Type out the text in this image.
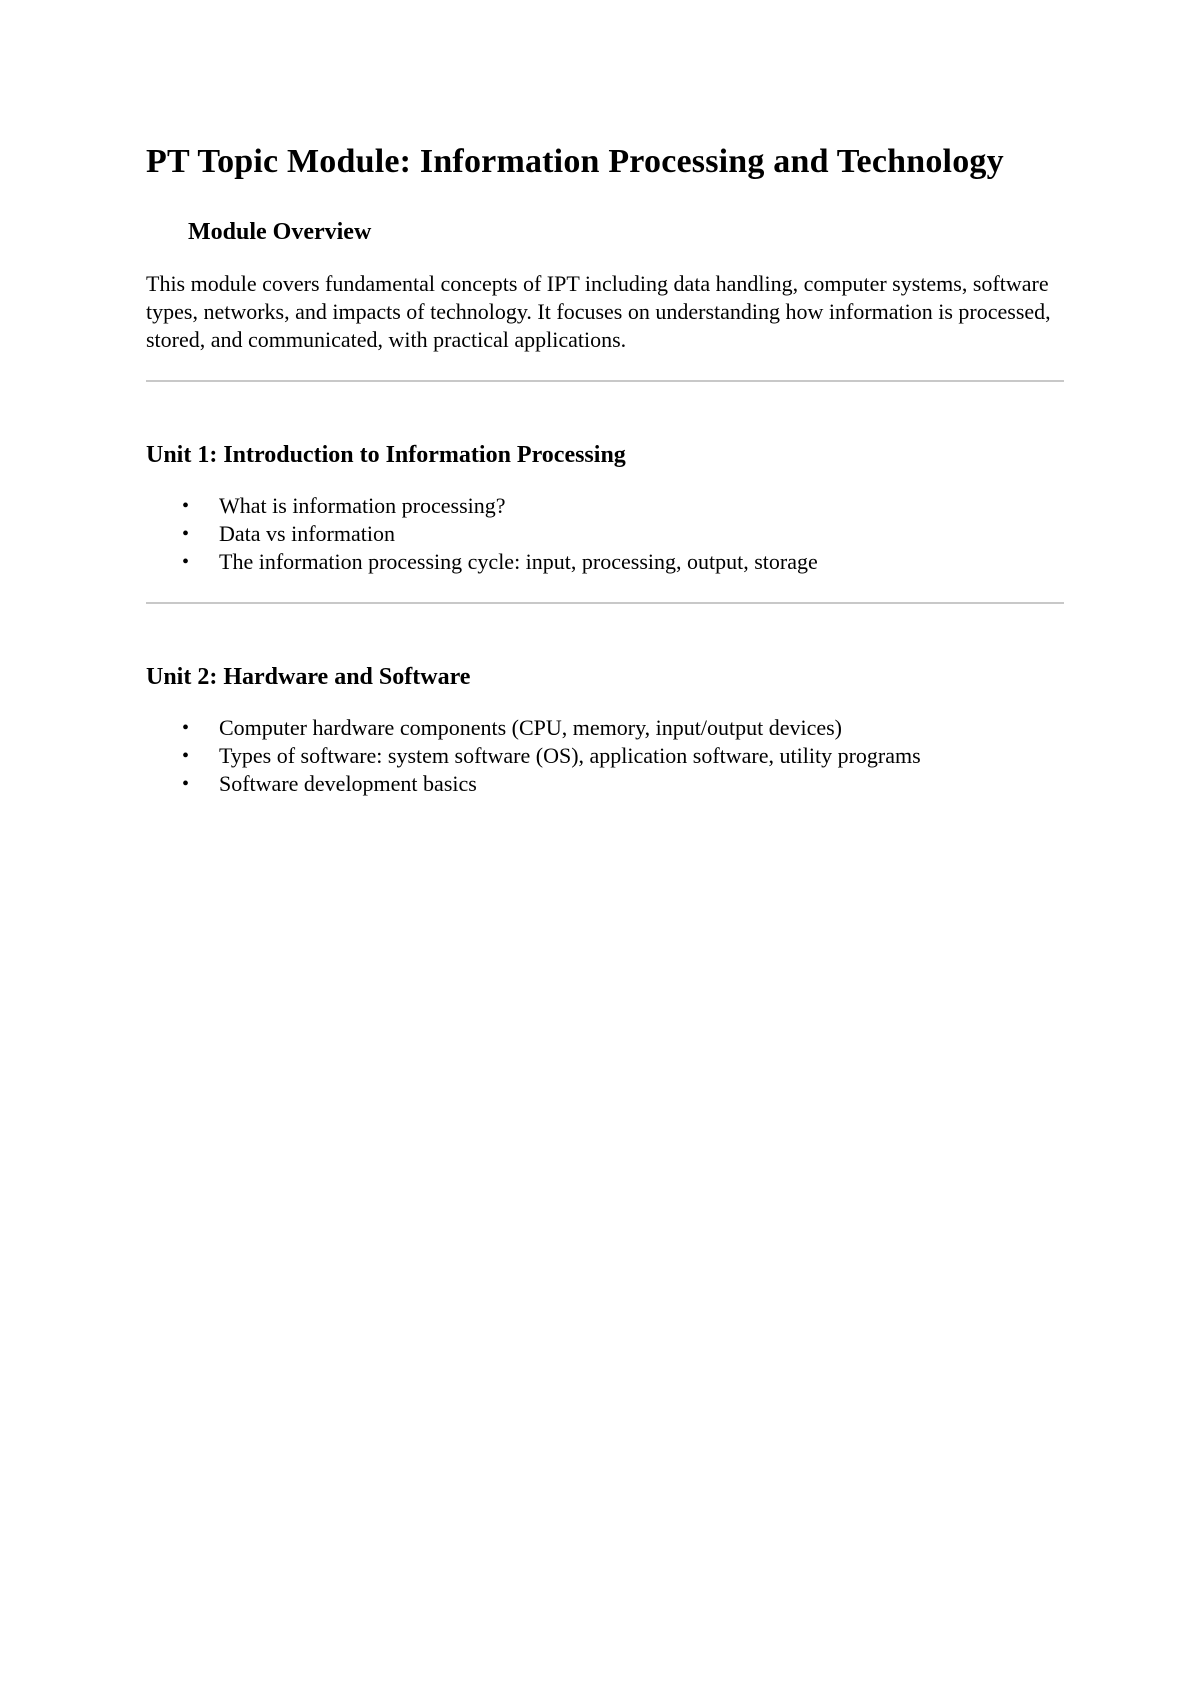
PT Topic Module: Information Processing and Technology
Module Overview

This module covers fundamental concepts of IPT including data handling, computer systems, software types, networks, and impacts of technology. It focuses on understanding how information is processed, stored, and communicated, with practical applications.

Unit 1: Introduction to Information Processing
• What is information processing?
• Data vs information
• The information processing cycle: input, processing, output, storage
Unit 2: Hardware and Software
• Computer hardware components (CPU, memory, input/output devices)
• Types of software: system software (OS), application software, utility programs
• Software development basics
